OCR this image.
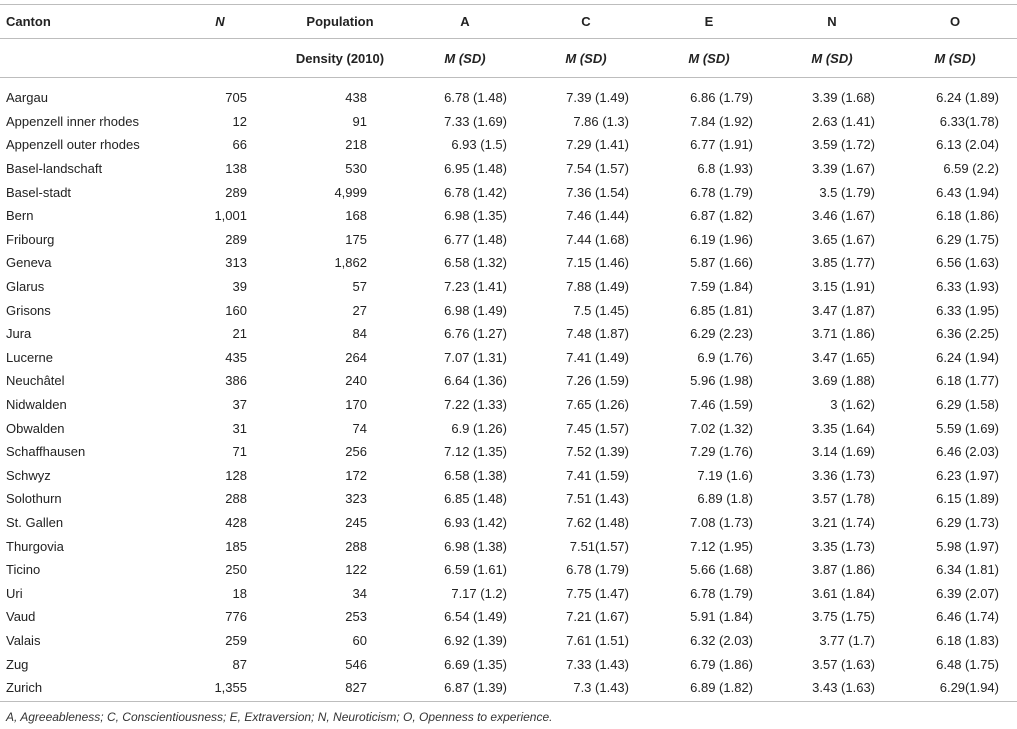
Canton	N	Population	A	C	E	N	O
		Density (2010)	M (SD)	M (SD)	M (SD)	M (SD)	M (SD)

Aargau	705	438	6.78 (1.48)	7.39 (1.49)	6.86 (1.79)	3.39 (1.68)	6.24 (1.89)
Appenzell inner rhodes	12	91	7.33 (1.69)	7.86 (1.3)	7.84 (1.92)	2.63 (1.41)	6.33(1.78)
Appenzell outer rhodes	66	218	6.93 (1.5)	7.29 (1.41)	6.77 (1.91)	3.59 (1.72)	6.13 (2.04)
Basel-landschaft	138	530	6.95 (1.48)	7.54 (1.57)	6.8 (1.93)	3.39 (1.67)	6.59 (2.2)
Basel-stadt	289	4,999	6.78 (1.42)	7.36 (1.54)	6.78 (1.79)	3.5 (1.79)	6.43 (1.94)
Bern	1,001	168	6.98 (1.35)	7.46 (1.44)	6.87 (1.82)	3.46 (1.67)	6.18 (1.86)
Fribourg	289	175	6.77 (1.48)	7.44 (1.68)	6.19 (1.96)	3.65 (1.67)	6.29 (1.75)
Geneva	313	1,862	6.58 (1.32)	7.15 (1.46)	5.87 (1.66)	3.85 (1.77)	6.56 (1.63)
Glarus	39	57	7.23 (1.41)	7.88 (1.49)	7.59 (1.84)	3.15 (1.91)	6.33 (1.93)
Grisons	160	27	6.98 (1.49)	7.5 (1.45)	6.85 (1.81)	3.47 (1.87)	6.33 (1.95)
Jura	21	84	6.76 (1.27)	7.48 (1.87)	6.29 (2.23)	3.71 (1.86)	6.36 (2.25)
Lucerne	435	264	7.07 (1.31)	7.41 (1.49)	6.9 (1.76)	3.47 (1.65)	6.24 (1.94)
Neuchâtel	386	240	6.64 (1.36)	7.26 (1.59)	5.96 (1.98)	3.69 (1.88)	6.18 (1.77)
Nidwalden	37	170	7.22 (1.33)	7.65 (1.26)	7.46 (1.59)	3 (1.62)	6.29 (1.58)
Obwalden	31	74	6.9 (1.26)	7.45 (1.57)	7.02 (1.32)	3.35 (1.64)	5.59 (1.69)
Schaffhausen	71	256	7.12 (1.35)	7.52 (1.39)	7.29 (1.76)	3.14 (1.69)	6.46 (2.03)
Schwyz	128	172	6.58 (1.38)	7.41 (1.59)	7.19 (1.6)	3.36 (1.73)	6.23 (1.97)
Solothurn	288	323	6.85 (1.48)	7.51 (1.43)	6.89 (1.8)	3.57 (1.78)	6.15 (1.89)
St. Gallen	428	245	6.93 (1.42)	7.62 (1.48)	7.08 (1.73)	3.21 (1.74)	6.29 (1.73)
Thurgovia	185	288	6.98 (1.38)	7.51(1.57)	7.12 (1.95)	3.35 (1.73)	5.98 (1.97)
Ticino	250	122	6.59 (1.61)	6.78 (1.79)	5.66 (1.68)	3.87 (1.86)	6.34 (1.81)
Uri	18	34	7.17 (1.2)	7.75 (1.47)	6.78 (1.79)	3.61 (1.84)	6.39 (2.07)
Vaud	776	253	6.54 (1.49)	7.21 (1.67)	5.91 (1.84)	3.75 (1.75)	6.46 (1.74)
Valais	259	60	6.92 (1.39)	7.61 (1.51)	6.32 (2.03)	3.77 (1.7)	6.18 (1.83)
Zug	87	546	6.69 (1.35)	7.33 (1.43)	6.79 (1.86)	3.57 (1.63)	6.48 (1.75)
Zurich	1,355	827	6.87 (1.39)	7.3 (1.43)	6.89 (1.82)	3.43 (1.63)	6.29(1.94)
A, Agreeableness; C, Conscientiousness; E, Extraversion; N, Neuroticism; O, Openness to experience.
